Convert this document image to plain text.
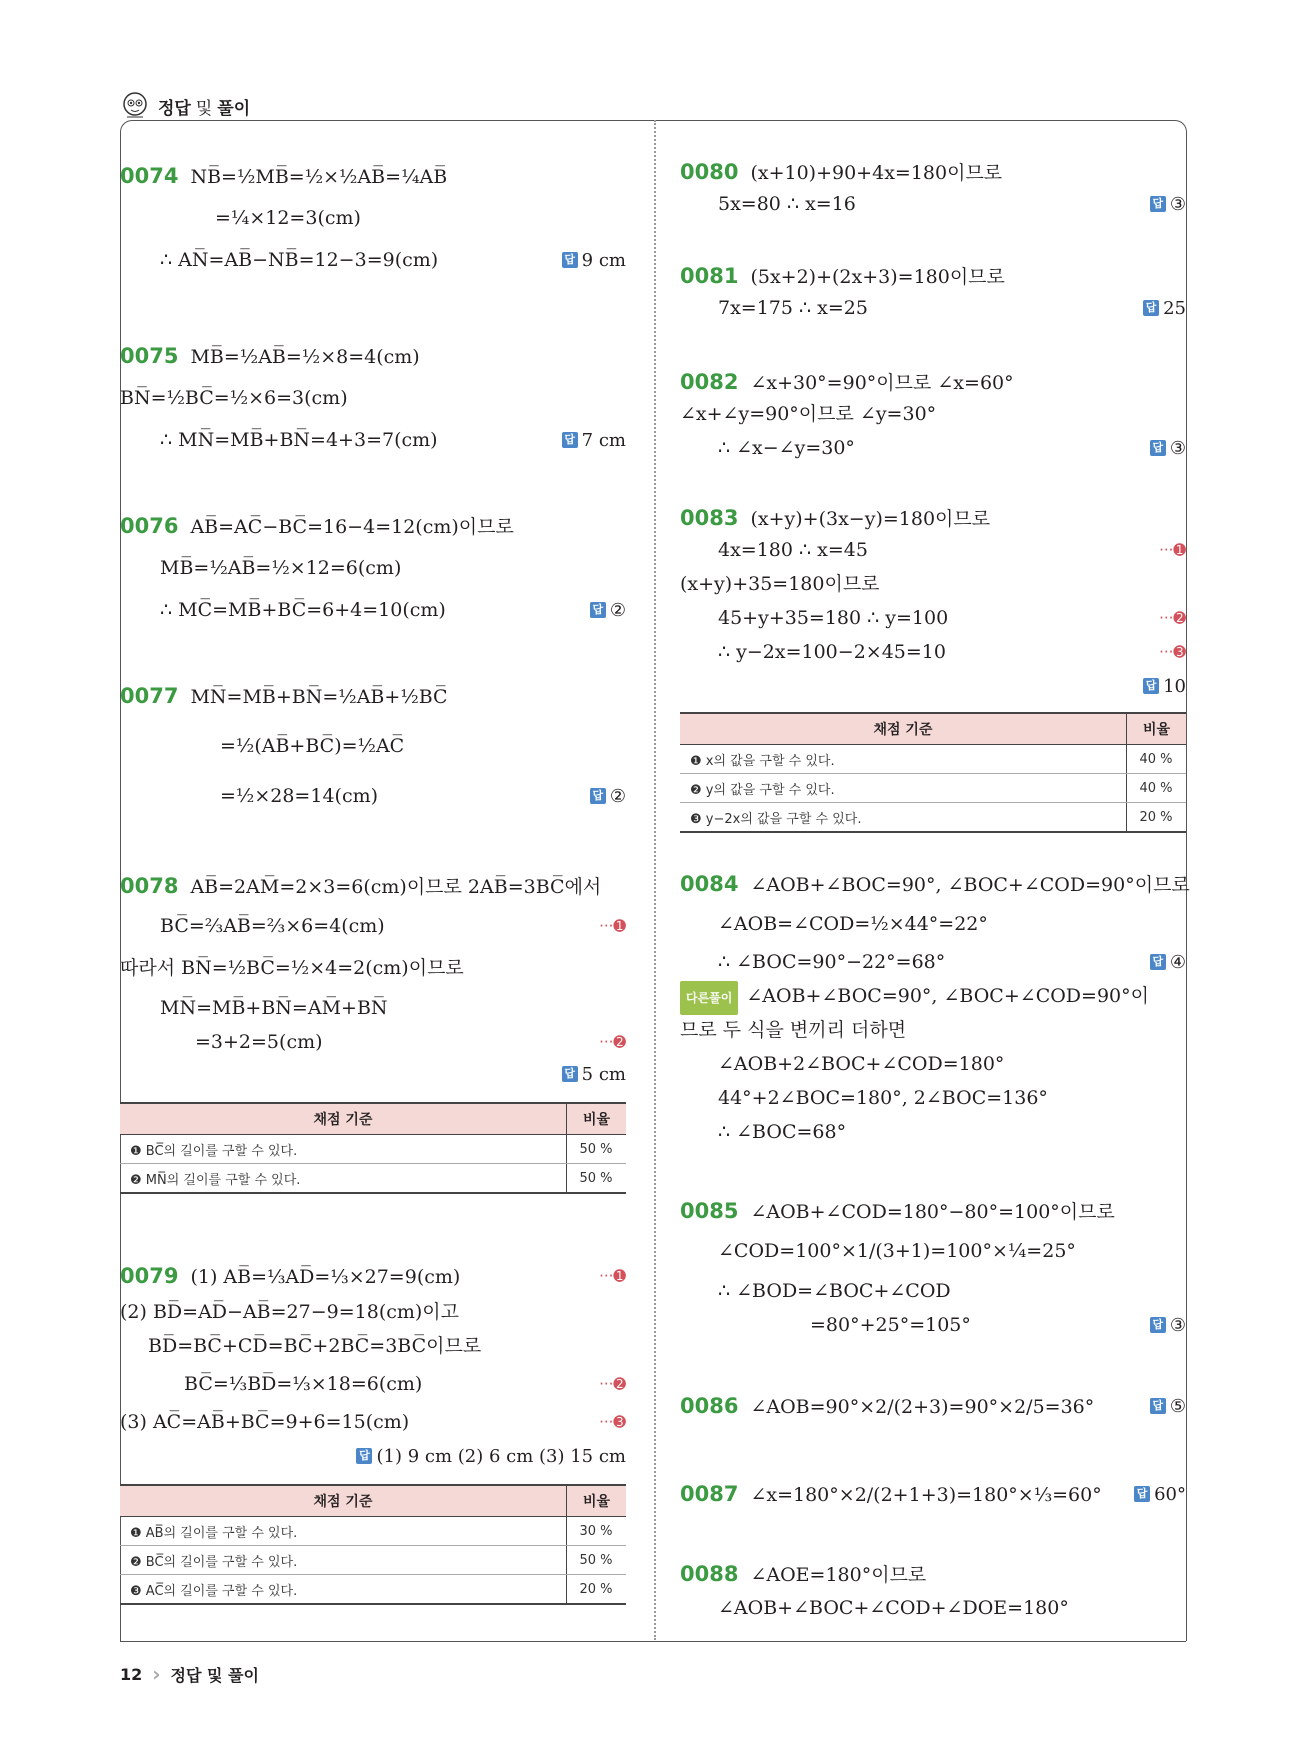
정답 및 풀이
0074 NB̅=½MB̅=½×½AB̅=¼AB̅
=¼×12=3(cm)
∴ AN̅=AB̅−NB̅=12−3=9(cm)	답 9 cm
0075 MB̅=½AB̅=½×8=4(cm)
BN̅=½BC̅=½×6=3(cm)
∴ MN̅=MB̅+BN̅=4+3=7(cm)	답 7 cm
0076 AB̅=AC̅−BC̅=16−4=12(cm)이므로
MB̅=½AB̅=½×12=6(cm)
∴ MC̅=MB̅+BC̅=6+4=10(cm)	답 ②
0077 MN̅=MB̅+BN̅=½AB̅+½BC̅
=½(AB̅+BC̅)=½AC̅
=½×28=14(cm)	답 ②
0078 AB̅=2AM̅=2×3=6(cm)이므로 2AB̅=3BC̅에서
BC̅=⅔AB̅=⅔×6=4(cm)	···➊
따라서 BN̅=½BC̅=½×4=2(cm)이므로
MN̅=MB̅+BN̅=AM̅+BN̅
=3+2=5(cm)	···➋
답 5 cm
채점 기준	비율
❶ BC̅의 길이를 구할 수 있다.	50 %
❷ MN̅의 길이를 구할 수 있다.	50 %
0079 (1) AB̅=⅓AD̅=⅓×27=9(cm)	···➊
(2) BD̅=AD̅−AB̅=27−9=18(cm)이고
BD̅=BC̅+CD̅=BC̅+2BC̅=3BC̅이므로
BC̅=⅓BD̅=⅓×18=6(cm)	···➋
(3) AC̅=AB̅+BC̅=9+6=15(cm)	···➌
답 (1) 9 cm (2) 6 cm (3) 15 cm
채점 기준	비율
❶ AB̅의 길이를 구할 수 있다.	30 %
❷ BC̅의 길이를 구할 수 있다.	50 %
❸ AC̅의 길이를 구할 수 있다.	20 %
0080 (x+10)+90+4x=180이므로
5x=80 ∴ x=16	답 ③
0081 (5x+2)+(2x+3)=180이므로
7x=175 ∴ x=25	답 25
0082 ∠x+30°=90°이므로 ∠x=60°
∠x+∠y=90°이므로 ∠y=30°
∴ ∠x−∠y=30°	답 ③
0083 (x+y)+(3x−y)=180이므로
4x=180 ∴ x=45	···➊
(x+y)+35=180이므로
45+y+35=180 ∴ y=100	···➋
∴ y−2x=100−2×45=10	···➌
답 10
채점 기준	비율
❶ x의 값을 구할 수 있다.	40 %
❷ y의 값을 구할 수 있다.	40 %
❸ y−2x의 값을 구할 수 있다.	20 %
0084 ∠AOB+∠BOC=90°, ∠BOC+∠COD=90°이므로
∠AOB=∠COD=½×44°=22°
∴ ∠BOC=90°−22°=68°	답 ④
다른풀이 ∠AOB+∠BOC=90°, ∠BOC+∠COD=90°이
므로 두 식을 변끼리 더하면
∠AOB+2∠BOC+∠COD=180°
44°+2∠BOC=180°, 2∠BOC=136°
∴ ∠BOC=68°
0085 ∠AOB+∠COD=180°−80°=100°이므로
∠COD=100°×1/(3+1)=100°×¼=25°
∴ ∠BOD=∠BOC+∠COD
=80°+25°=105°	답 ③
0086 ∠AOB=90°×2/(2+3)=90°×2/5=36°	답 ⑤
0087 ∠x=180°×2/(2+1+3)=180°×⅓=60°	답 60°
0088 ∠AOE=180°이므로
∠AOB+∠BOC+∠COD+∠DOE=180°
12 › 정답 및 풀이
